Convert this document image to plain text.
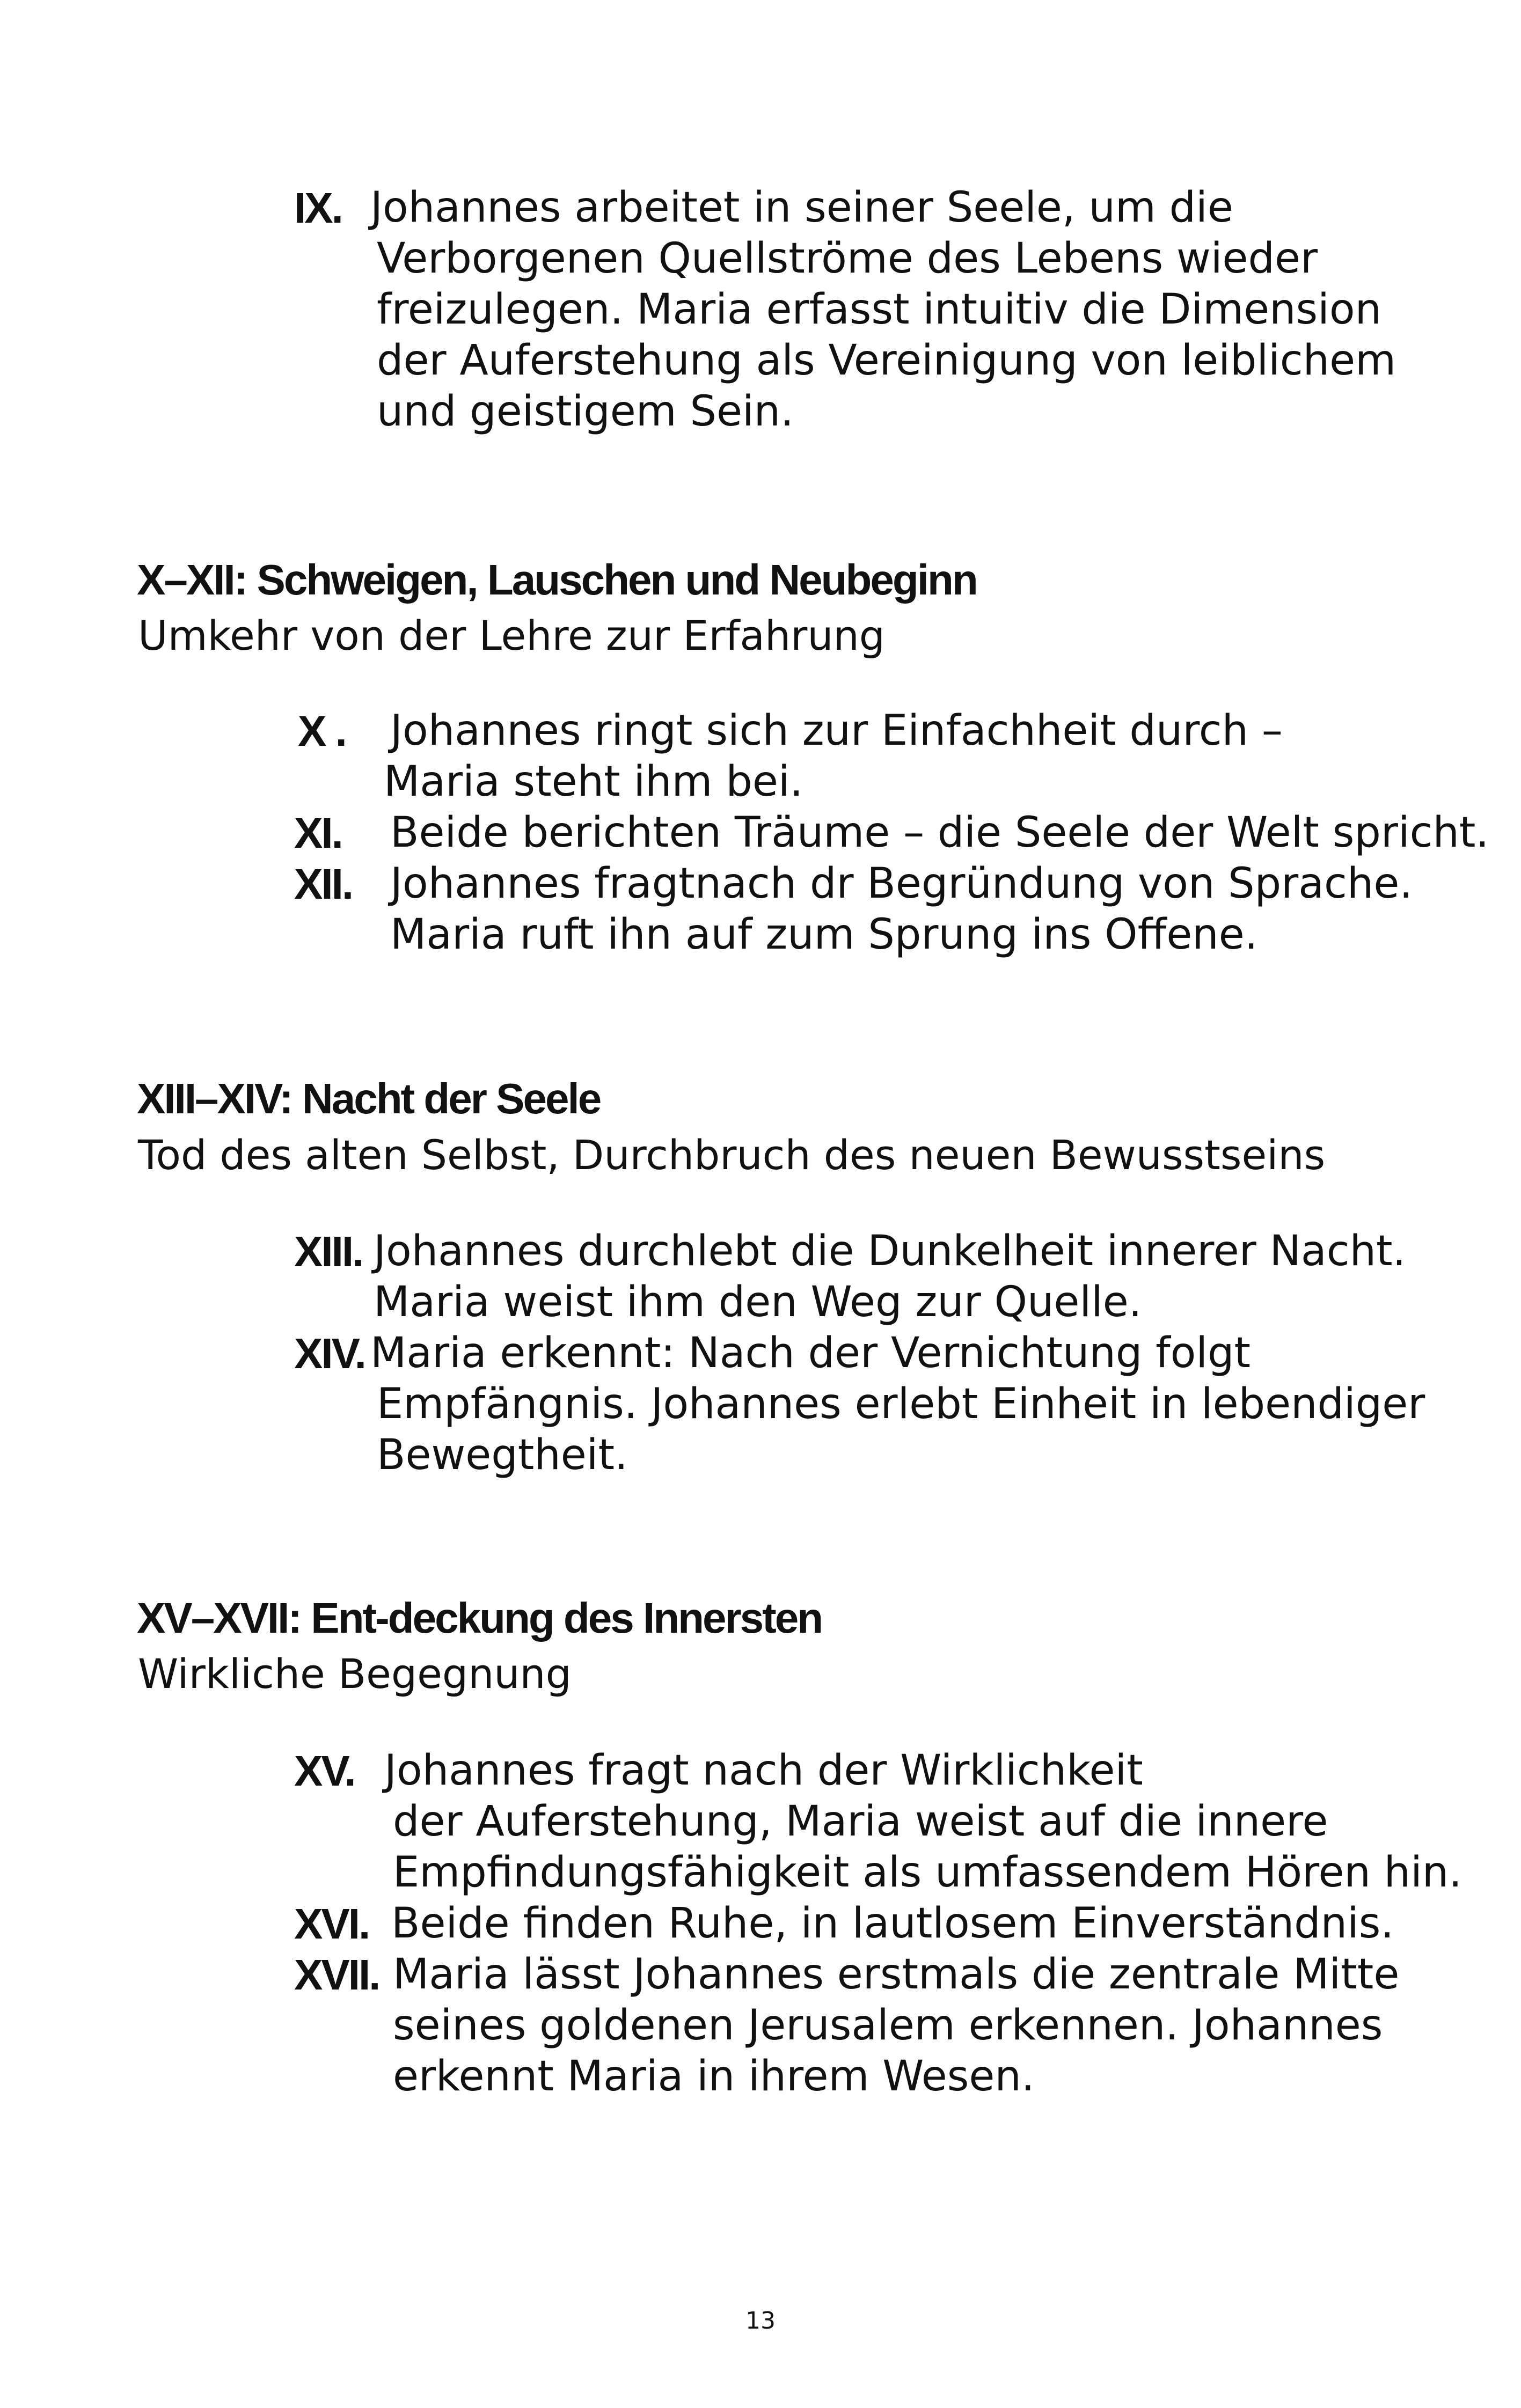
IX. Johannes arbeitet in seiner Seele, um die
Verborgenen Quellströme des Lebens wieder
freizulegen. Maria erfasst intuitiv die Dimension
der Auferstehung als Vereinigung von leiblichem
und geistigem Sein.
X–XII: Schweigen, Lauschen und Neubeginn
Umkehr von der Lehre zur Erfahrung
X . Johannes ringt sich zur Einfachheit durch –
Maria steht ihm bei.
XI. Beide berichten Träume – die Seele der Welt spricht.
XII. Johannes fragtnach dr Begründung von Sprache.
Maria ruft ihn auf zum Sprung ins Offene.
XIII–XIV: Nacht der Seele
Tod des alten Selbst, Durchbruch des neuen Bewusstseins
XIII. Johannes durchlebt die Dunkelheit innerer Nacht.
Maria weist ihm den Weg zur Quelle.
XIV. Maria erkennt: Nach der Vernichtung folgt
Empfängnis. Johannes erlebt Einheit in lebendiger
Bewegtheit.
XV–XVII: Ent-deckung des Innersten
Wirkliche Begegnung
XV. Johannes fragt nach der Wirklichkeit
der Auferstehung, Maria weist auf die innere
Empfindungsfähigkeit als umfassendem Hören hin.
XVI. Beide finden Ruhe, in lautlosem Einverständnis.
XVII. Maria lässt Johannes erstmals die zentrale Mitte
seines goldenen Jerusalem erkennen. Johannes
erkennt Maria in ihrem Wesen.
13
